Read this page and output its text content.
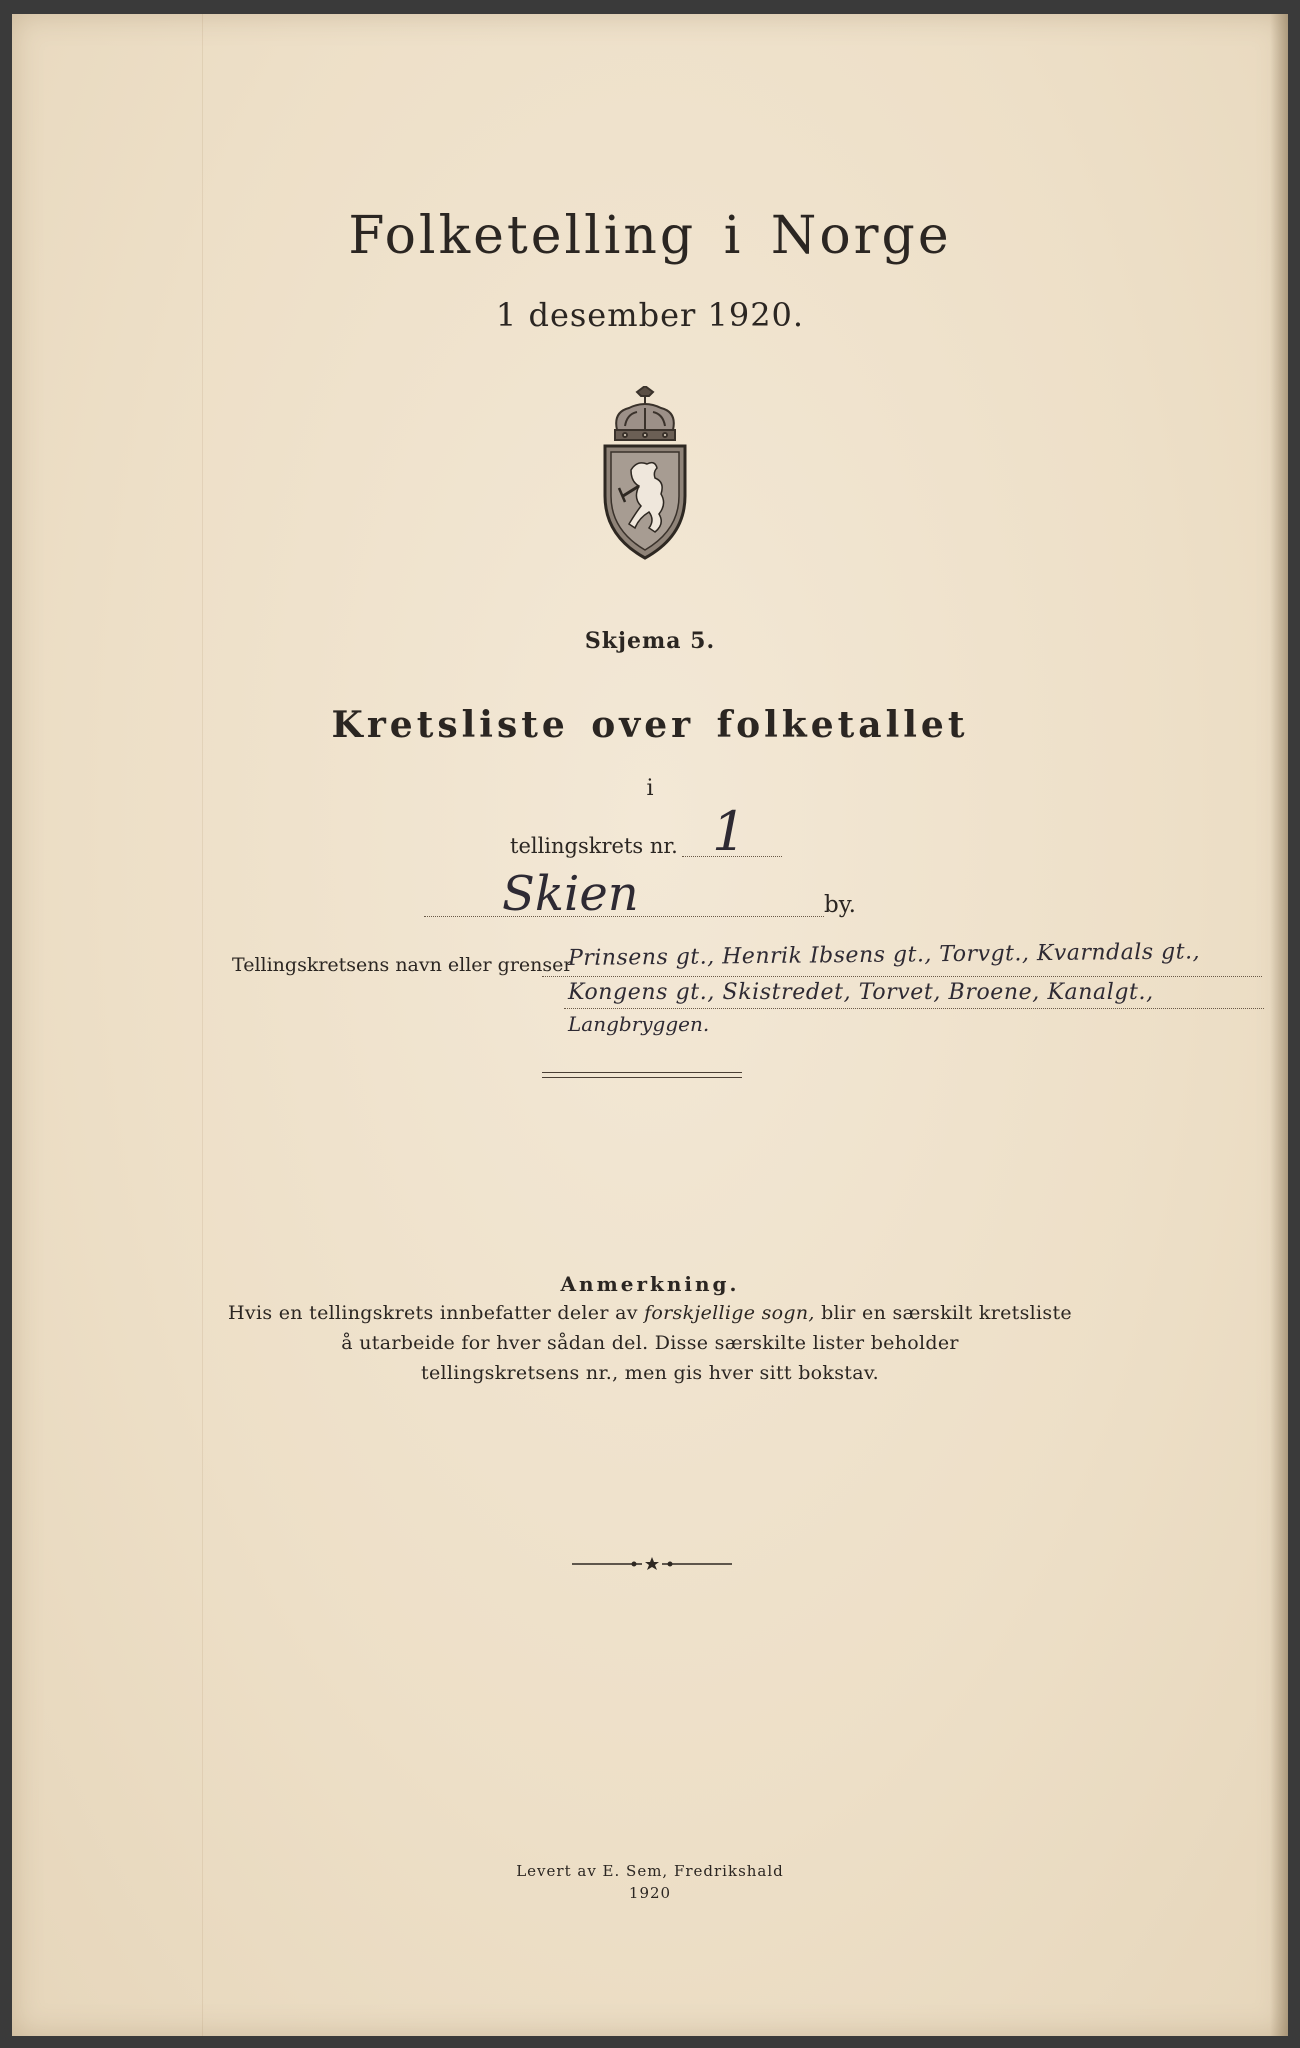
Folketelling i Norge
1 desember 1920.
Skjema 5.
Kretsliste over folketallet
i
tellingskrets nr. 1
Skien	by.
Tellingskretsens navn eller grenser
Prinsens gt., Henrik Ibsens gt., Torvgt., Kvarndals gt.,
Kongens gt., Skistredet, Torvet, Broene, Kanalgt.,
Langbryggen.
Anmerkning.
Hvis en tellingskrets innbefatter deler av forskjellige sogn, blir en særskilt kretsliste
å utarbeide for hver sådan del. Disse særskilte lister beholder
tellingskretsens nr., men gis hver sitt bokstav.
Levert av E. Sem, Fredrikshald
1920
